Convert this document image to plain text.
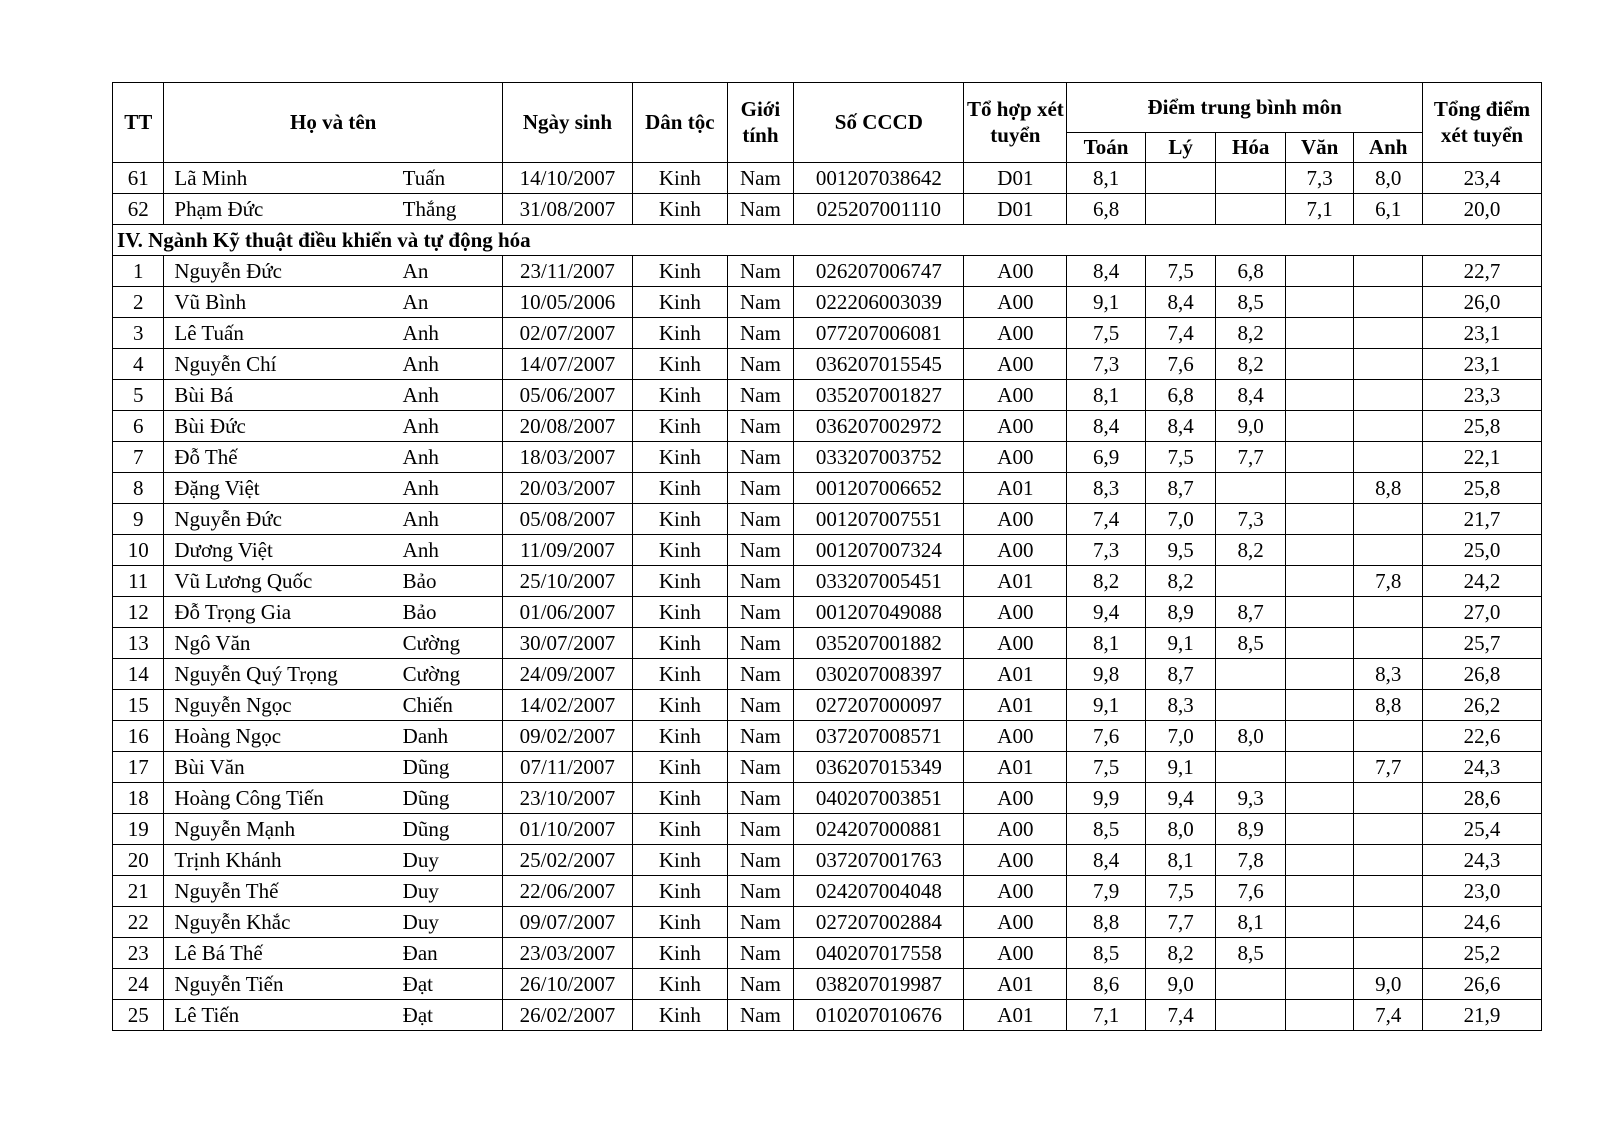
TT	Họ và tên		Ngày sinh	Dân tộc	Giới tính	Số CCCD	Tổ hợp xét tuyển	Điểm trung bình môn					Tổng điểm xét tuyển
								Toán	Lý	Hóa	Văn	Anh	
61	Lã Minh	Tuấn	14/10/2007	Kinh	Nam	001207038642	D01	8,1			7,3	8,0	23,4
62	Phạm Đức	Thắng	31/08/2007	Kinh	Nam	025207001110	D01	6,8			7,1	6,1	20,0
IV. Ngành Kỹ thuật điều khiển và tự động hóa													
1	Nguyễn Đức	An	23/11/2007	Kinh	Nam	026207006747	A00	8,4	7,5	6,8			22,7
2	Vũ Bình	An	10/05/2006	Kinh	Nam	022206003039	A00	9,1	8,4	8,5			26,0
3	Lê Tuấn	Anh	02/07/2007	Kinh	Nam	077207006081	A00	7,5	7,4	8,2			23,1
4	Nguyễn Chí	Anh	14/07/2007	Kinh	Nam	036207015545	A00	7,3	7,6	8,2			23,1
5	Bùi Bá	Anh	05/06/2007	Kinh	Nam	035207001827	A00	8,1	6,8	8,4			23,3
6	Bùi Đức	Anh	20/08/2007	Kinh	Nam	036207002972	A00	8,4	8,4	9,0			25,8
7	Đỗ Thế	Anh	18/03/2007	Kinh	Nam	033207003752	A00	6,9	7,5	7,7			22,1
8	Đặng Việt	Anh	20/03/2007	Kinh	Nam	001207006652	A01	8,3	8,7			8,8	25,8
9	Nguyễn Đức	Anh	05/08/2007	Kinh	Nam	001207007551	A00	7,4	7,0	7,3			21,7
10	Dương Việt	Anh	11/09/2007	Kinh	Nam	001207007324	A00	7,3	9,5	8,2			25,0
11	Vũ Lương Quốc	Bảo	25/10/2007	Kinh	Nam	033207005451	A01	8,2	8,2			7,8	24,2
12	Đỗ Trọng Gia	Bảo	01/06/2007	Kinh	Nam	001207049088	A00	9,4	8,9	8,7			27,0
13	Ngô Văn	Cường	30/07/2007	Kinh	Nam	035207001882	A00	8,1	9,1	8,5			25,7
14	Nguyễn Quý Trọng	Cường	24/09/2007	Kinh	Nam	030207008397	A01	9,8	8,7			8,3	26,8
15	Nguyễn Ngọc	Chiến	14/02/2007	Kinh	Nam	027207000097	A01	9,1	8,3			8,8	26,2
16	Hoàng Ngọc	Danh	09/02/2007	Kinh	Nam	037207008571	A00	7,6	7,0	8,0			22,6
17	Bùi Văn	Dũng	07/11/2007	Kinh	Nam	036207015349	A01	7,5	9,1			7,7	24,3
18	Hoàng Công Tiến	Dũng	23/10/2007	Kinh	Nam	040207003851	A00	9,9	9,4	9,3			28,6
19	Nguyễn Mạnh	Dũng	01/10/2007	Kinh	Nam	024207000881	A00	8,5	8,0	8,9			25,4
20	Trịnh Khánh	Duy	25/02/2007	Kinh	Nam	037207001763	A00	8,4	8,1	7,8			24,3
21	Nguyễn Thế	Duy	22/06/2007	Kinh	Nam	024207004048	A00	7,9	7,5	7,6			23,0
22	Nguyễn Khắc	Duy	09/07/2007	Kinh	Nam	027207002884	A00	8,8	7,7	8,1			24,6
23	Lê Bá Thế	Đan	23/03/2007	Kinh	Nam	040207017558	A00	8,5	8,2	8,5			25,2
24	Nguyễn Tiến	Đạt	26/10/2007	Kinh	Nam	038207019987	A01	8,6	9,0			9,0	26,6
25	Lê Tiến	Đạt	26/02/2007	Kinh	Nam	010207010676	A01	7,1	7,4			7,4	21,9
